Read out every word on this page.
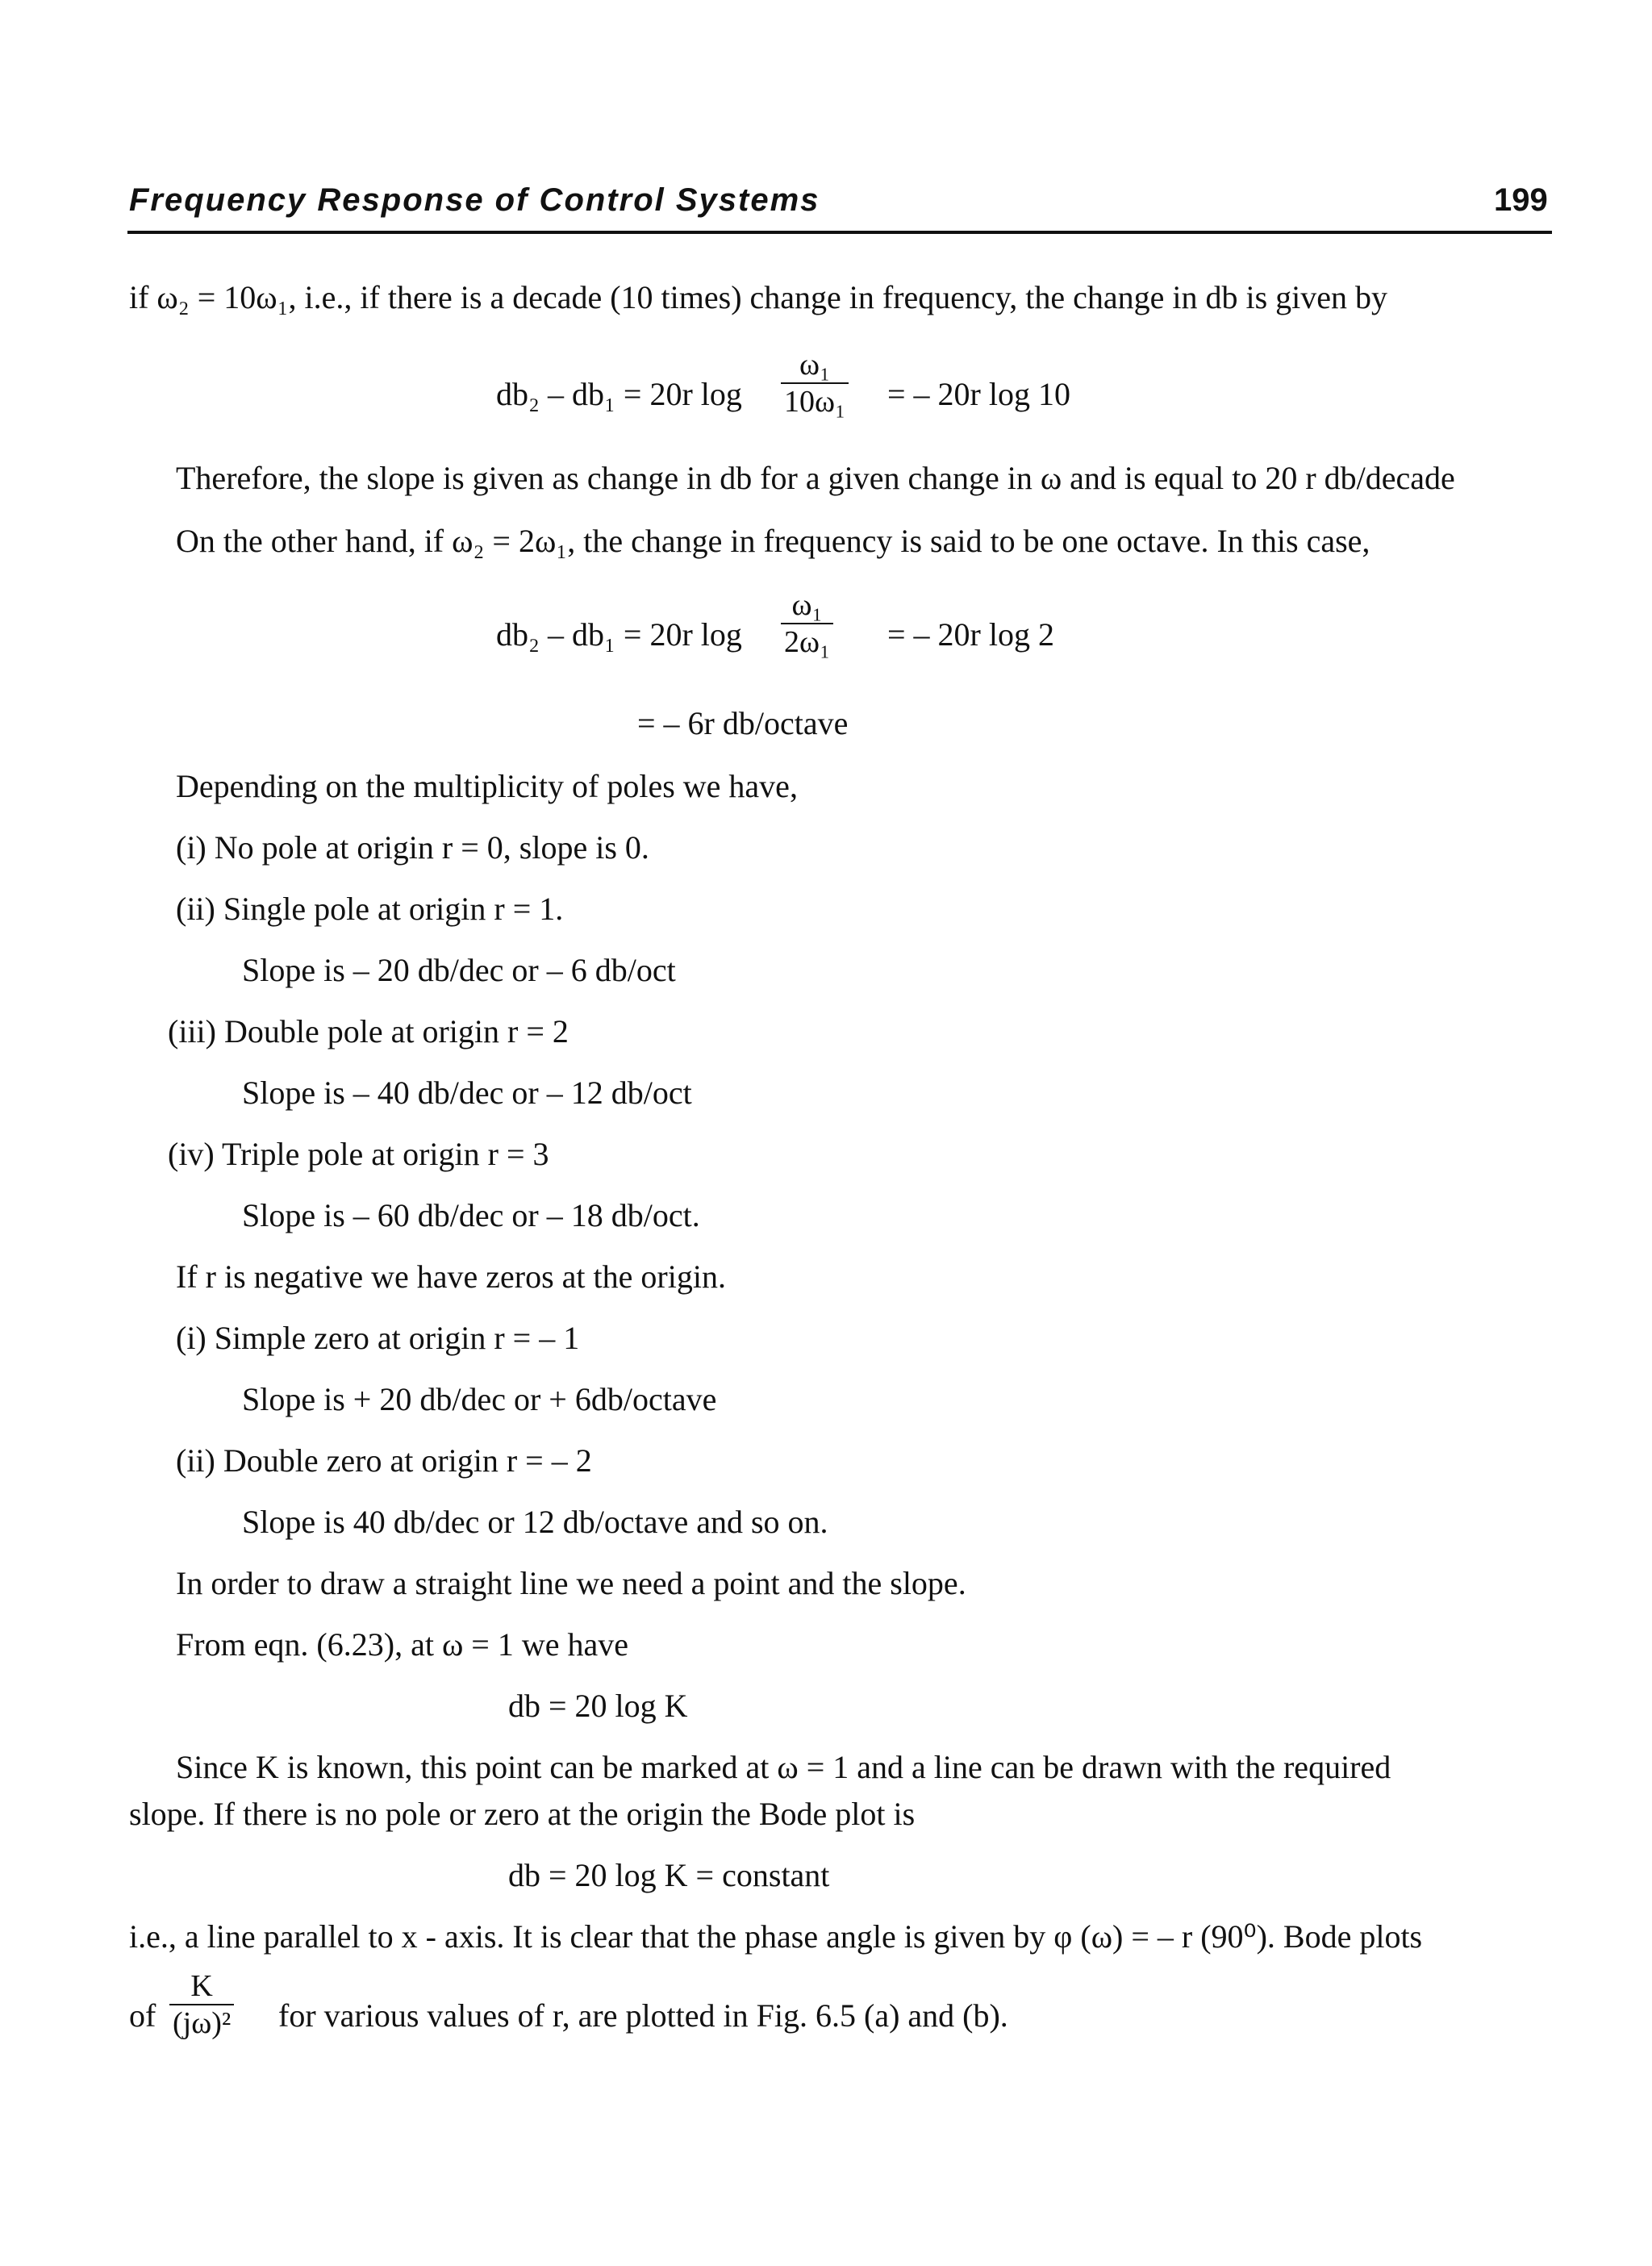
Frequency Response of Control Systems	199
if ω₂ = 10ω₁, i.e., if there is a decade (10 times) change in frequency, the change in db is given by
db₂ – db₁ = 20r log
ω₁
10ω₁ = – 20r log 10
Therefore, the slope is given as change in db for a given change in ω and is equal to 20 r db/decade
On the other hand, if ω₂ = 2ω₁, the change in frequency is said to be one octave. In this case,
db₂ – db₁ = 20r log
ω₁
2ω₁ = – 20r log 2
= – 6r db/octave
Depending on the multiplicity of poles we have,
(i) No pole at origin r = 0, slope is 0.
(ii) Single pole at origin r = 1.
Slope is – 20 db/dec or – 6 db/oct
(iii) Double pole at origin r = 2
Slope is – 40 db/dec or – 12 db/oct
(iv) Triple pole at origin r = 3
Slope is – 60 db/dec or – 18 db/oct.
If r is negative we have zeros at the origin.
(i) Simple zero at origin r = – 1
Slope is + 20 db/dec or + 6db/octave
(ii) Double zero at origin r = – 2
Slope is 40 db/dec or 12 db/octave and so on.
In order to draw a straight line we need a point and the slope.
From eqn. (6.23), at ω = 1 we have
db = 20 log K
Since K is known, this point can be marked at ω = 1 and a line can be drawn with the required
slope. If there is no pole or zero at the origin the Bode plot is
db = 20 log K = constant
i.e., a line parallel to x - axis. It is clear that the phase angle is given by φ (ω) = – r (90⁰). Bode plots
of
K
(jω)² for various values of r, are plotted in Fig. 6.5 (a) and (b).
